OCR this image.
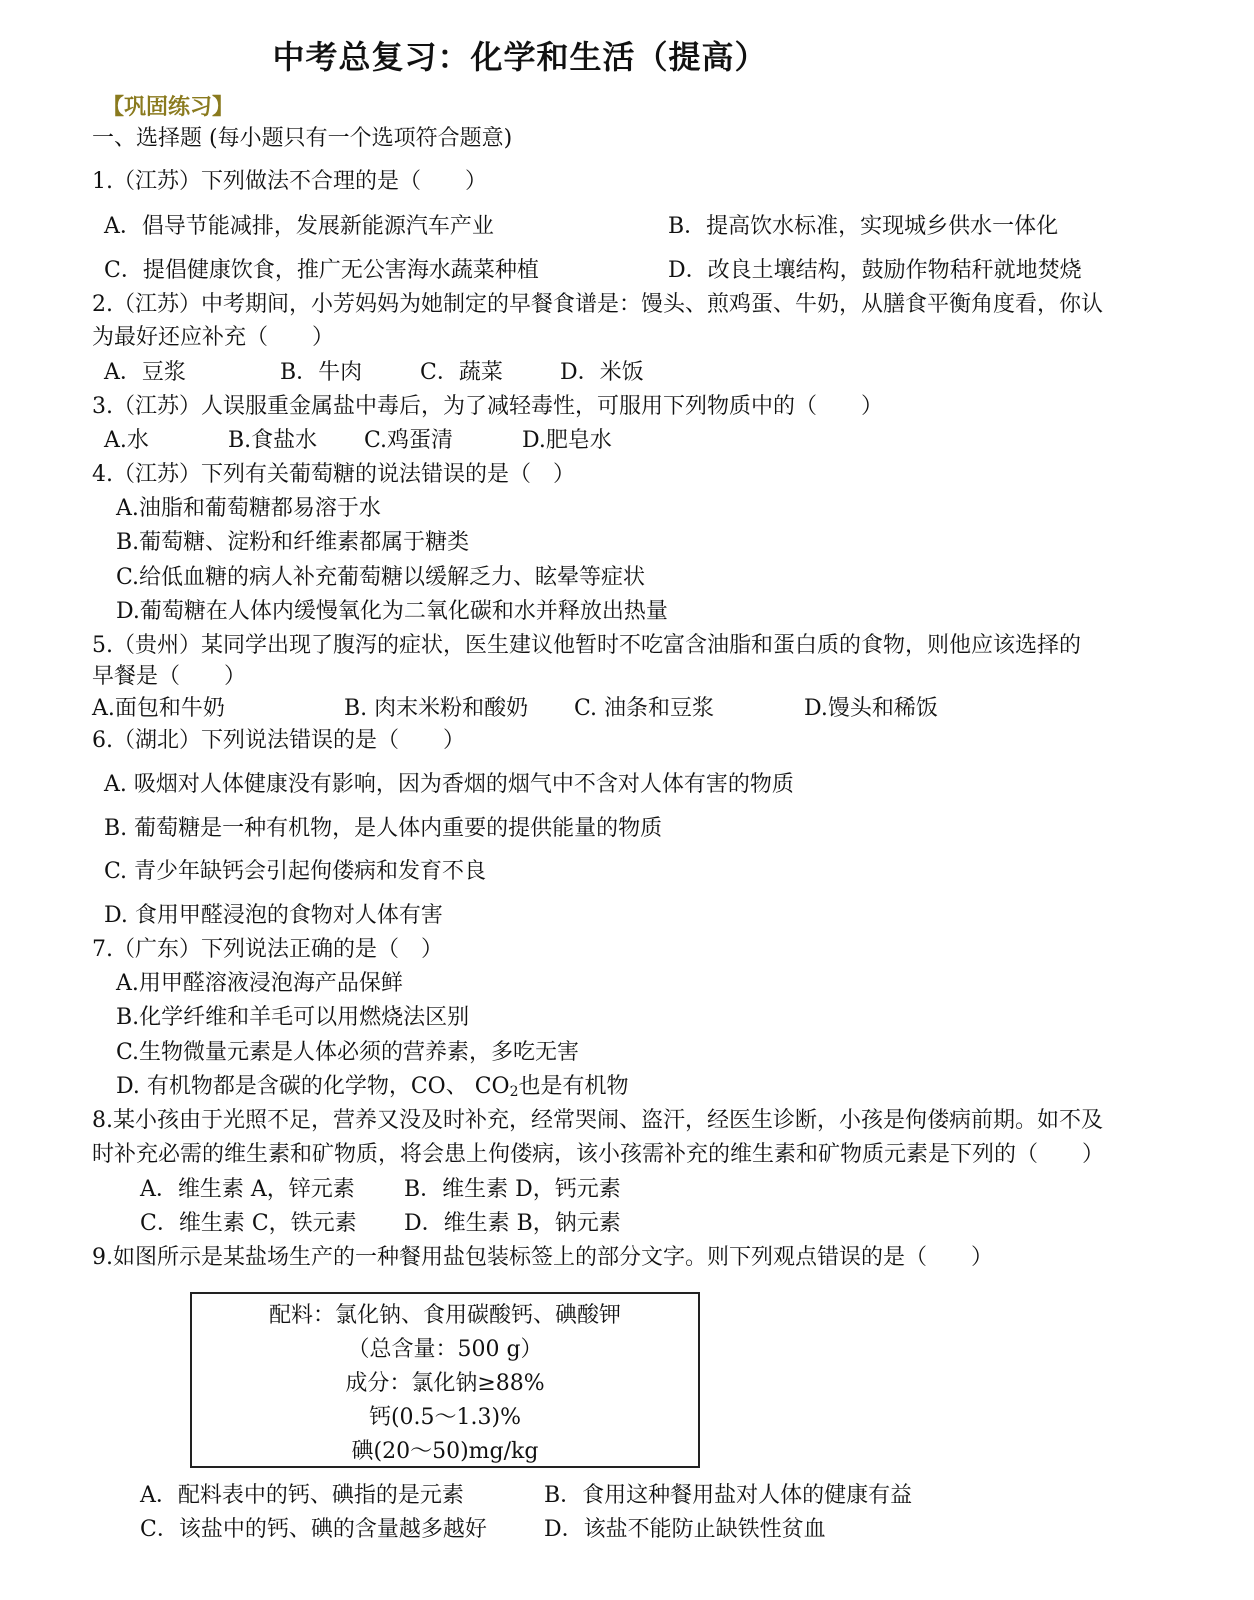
中考总复习：化学和生活（提高）
【巩固练习】
一、选择题 (每小题只有一个选项符合题意)
1.（江苏）下列做法不合理的是（　　）
A．倡导节能减排，发展新能源汽车产业	B．提高饮水标准，实现城乡供水一体化
C．提倡健康饮食，推广无公害海水蔬菜种植	D．改良土壤结构，鼓励作物秸秆就地焚烧
2.（江苏）中考期间，小芳妈妈为她制定的早餐食谱是：馒头、煎鸡蛋、牛奶，从膳食平衡角度看，你认
为最好还应补充（　　）
A．豆浆	B．牛肉	C．蔬菜	D．米饭
3.（江苏）人误服重金属盐中毒后，为了减轻毒性，可服用下列物质中的（　　）
A.水	B.食盐水 C.鸡蛋清	D.肥皂水
4.（江苏）下列有关葡萄糖的说法错误的是（　）
A.油脂和葡萄糖都易溶于水
B.葡萄糖、淀粉和纤维素都属于糖类
C.给低血糖的病人补充葡萄糖以缓解乏力、眩晕等症状
D.葡萄糖在人体内缓慢氧化为二氧化碳和水并释放出热量
5.（贵州）某同学出现了腹泻的症状，医生建议他暂时不吃富含油脂和蛋白质的食物，则他应该选择的
早餐是（　　）
A.面包和牛奶	B. 肉末米粉和酸奶 C. 油条和豆浆	D.馒头和稀饭
6.（湖北）下列说法错误的是（　　）
A. 吸烟对人体健康没有影响，因为香烟的烟气中不含对人体有害的物质
B. 葡萄糖是一种有机物，是人体内重要的提供能量的物质
C. 青少年缺钙会引起佝偻病和发育不良
D. 食用甲醛浸泡的食物对人体有害
7.（广东）下列说法正确的是（　）
A.用甲醛溶液浸泡海产品保鲜
B.化学纤维和羊毛可以用燃烧法区别
C.生物微量元素是人体必须的营养素，多吃无害
D. 有机物都是含碳的化学物，CO、 $CO_2$也是有机物
8.某小孩由于光照不足，营养又没及时补充，经常哭闹、盗汗，经医生诊断，小孩是佝偻病前期。如不及
时补充必需的维生素和矿物质，将会患上佝偻病，该小孩需补充的维生素和矿物质元素是下列的（　　）
A．维生素 A，锌元素 B．维生素 D，钙元素
C．维生素 C，铁元素 D．维生素 B，钠元素
9.如图所示是某盐场生产的一种餐用盐包装标签上的部分文字。则下列观点错误的是（　　）
配料：氯化钠、食用碳酸钙、碘酸钾
（总含量：500 g）
成分：氯化钠≥88%
钙(0.5～1.3)%
碘(20～50)mg/kg
A．配料表中的钙、碘指的是元素	B．食用这种餐用盐对人体的健康有益
C．该盐中的钙、碘的含量越多越好	D．该盐不能防止缺铁性贫血
